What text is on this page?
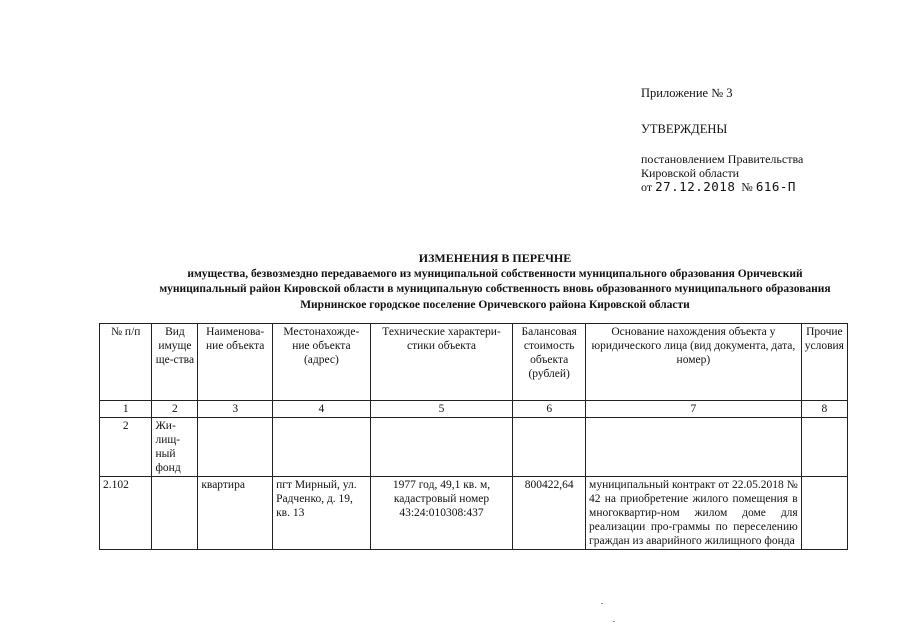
Приложение № 3
УТВЕРЖДЕНЫ
постановлением Правительства
Кировской области
от 27.12.2018 № 616-П
ИЗМЕНЕНИЯ В ПЕРЕЧНЕ
имущества, безвозмездно передаваемого из муниципальной собственности муниципального образования Оричевский
муниципальный район Кировской области в муниципальную собственность вновь образованного муниципального образования
Мирнинское городское поселение Оричевского района Кировской области
№ п/п	Вид имуще ще-ства	Наименова-ние объекта	Местонахожде-ние объекта (адрес)	Технические характери-стики объекта	Балансовая стоимость объекта (рублей)	Основание нахождения объекта у юридического лица (вид документа, дата, номер)	Прочие условия
1	2	3	4	5	6	7	8
2	Жи-лищ-ный фонд						
2.102		квартира	пгт Мирный, ул. Радченко, д. 19, кв. 13	1977 год, 49,1 кв. м, кадастровый номер 43:24:010308:437	800422,64	муниципальный контракт от 22.05.2018 № 42 на приобретение жилого помещения в многоквартир-ном жилом доме для реализации про-граммы по переселению граждан из аварийного жилищного фонда	
